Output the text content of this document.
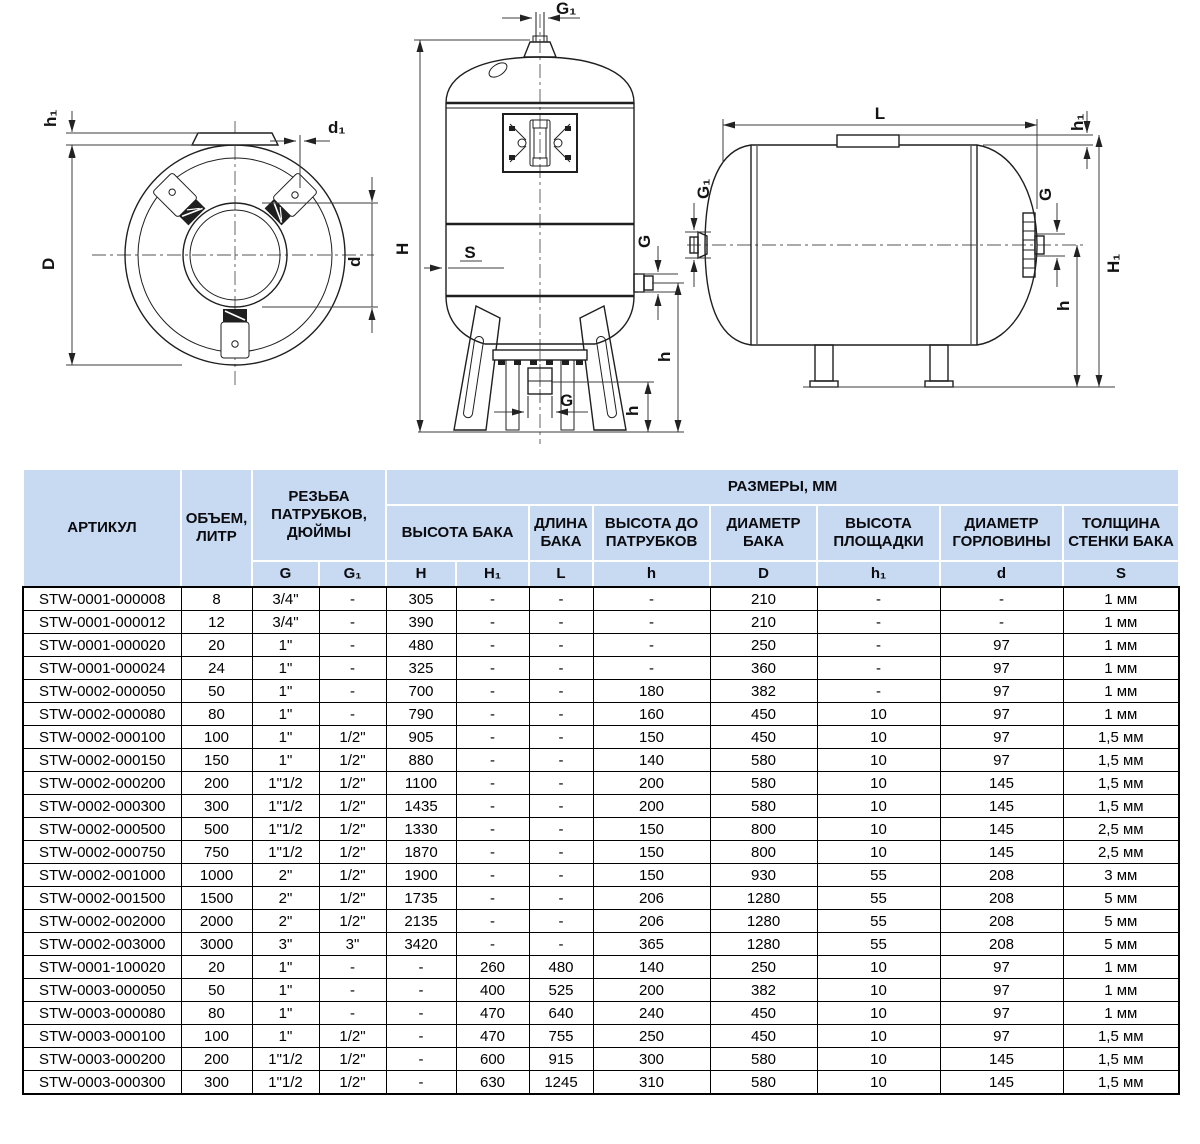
h₁
D
d₁
d
H	S
G₁
G
h
h
G
L	h₁
H₁
h
G₁	G
АРТИКУЛ	ОБЪЕМ, ЛИТР	РЕЗЬБА ПАТРУБКОВ, ДЮЙМЫ		РАЗМЕРЫ, ММ							
				ВЫСОТА БАКА		ДЛИНА БАКА	ВЫСОТА ДО ПАТРУБКОВ	ДИАМЕТР БАКА	ВЫСОТА ПЛОЩАДКИ	ДИАМЕТР ГОРЛОВИНЫ	ТОЛЩИНА СТЕНКИ БАКА
		G	G₁	H	H₁	L	h	D	h₁	d	S
STW-0001-000008	8	3/4"	-	305	-	-	-	210	-	-	1 мм
STW-0001-000012	12	3/4"	-	390	-	-	-	210	-	-	1 мм
STW-0001-000020	20	1"	-	480	-	-	-	250	-	97	1 мм
STW-0001-000024	24	1"	-	325	-	-	-	360	-	97	1 мм
STW-0002-000050	50	1"	-	700	-	-	180	382	-	97	1 мм
STW-0002-000080	80	1"	-	790	-	-	160	450	10	97	1 мм
STW-0002-000100	100	1"	1/2"	905	-	-	150	450	10	97	1,5 мм
STW-0002-000150	150	1"	1/2"	880	-	-	140	580	10	97	1,5 мм
STW-0002-000200	200	1"1/2	1/2"	1100	-	-	200	580	10	145	1,5 мм
STW-0002-000300	300	1"1/2	1/2"	1435	-	-	200	580	10	145	1,5 мм
STW-0002-000500	500	1"1/2	1/2"	1330	-	-	150	800	10	145	2,5 мм
STW-0002-000750	750	1"1/2	1/2"	1870	-	-	150	800	10	145	2,5 мм
STW-0002-001000	1000	2"	1/2"	1900	-	-	150	930	55	208	3 мм
STW-0002-001500	1500	2"	1/2"	1735	-	-	206	1280	55	208	5 мм
STW-0002-002000	2000	2"	1/2"	2135	-	-	206	1280	55	208	5 мм
STW-0002-003000	3000	3"	3"	3420	-	-	365	1280	55	208	5 мм
STW-0001-100020	20	1"	-	-	260	480	140	250	10	97	1 мм
STW-0003-000050	50	1"	-	-	400	525	200	382	10	97	1 мм
STW-0003-000080	80	1"	-	-	470	640	240	450	10	97	1 мм
STW-0003-000100	100	1"	1/2"	-	470	755	250	450	10	97	1,5 мм
STW-0003-000200	200	1"1/2	1/2"	-	600	915	300	580	10	145	1,5 мм
STW-0003-000300	300	1"1/2	1/2"	-	630	1245	310	580	10	145	1,5 мм
